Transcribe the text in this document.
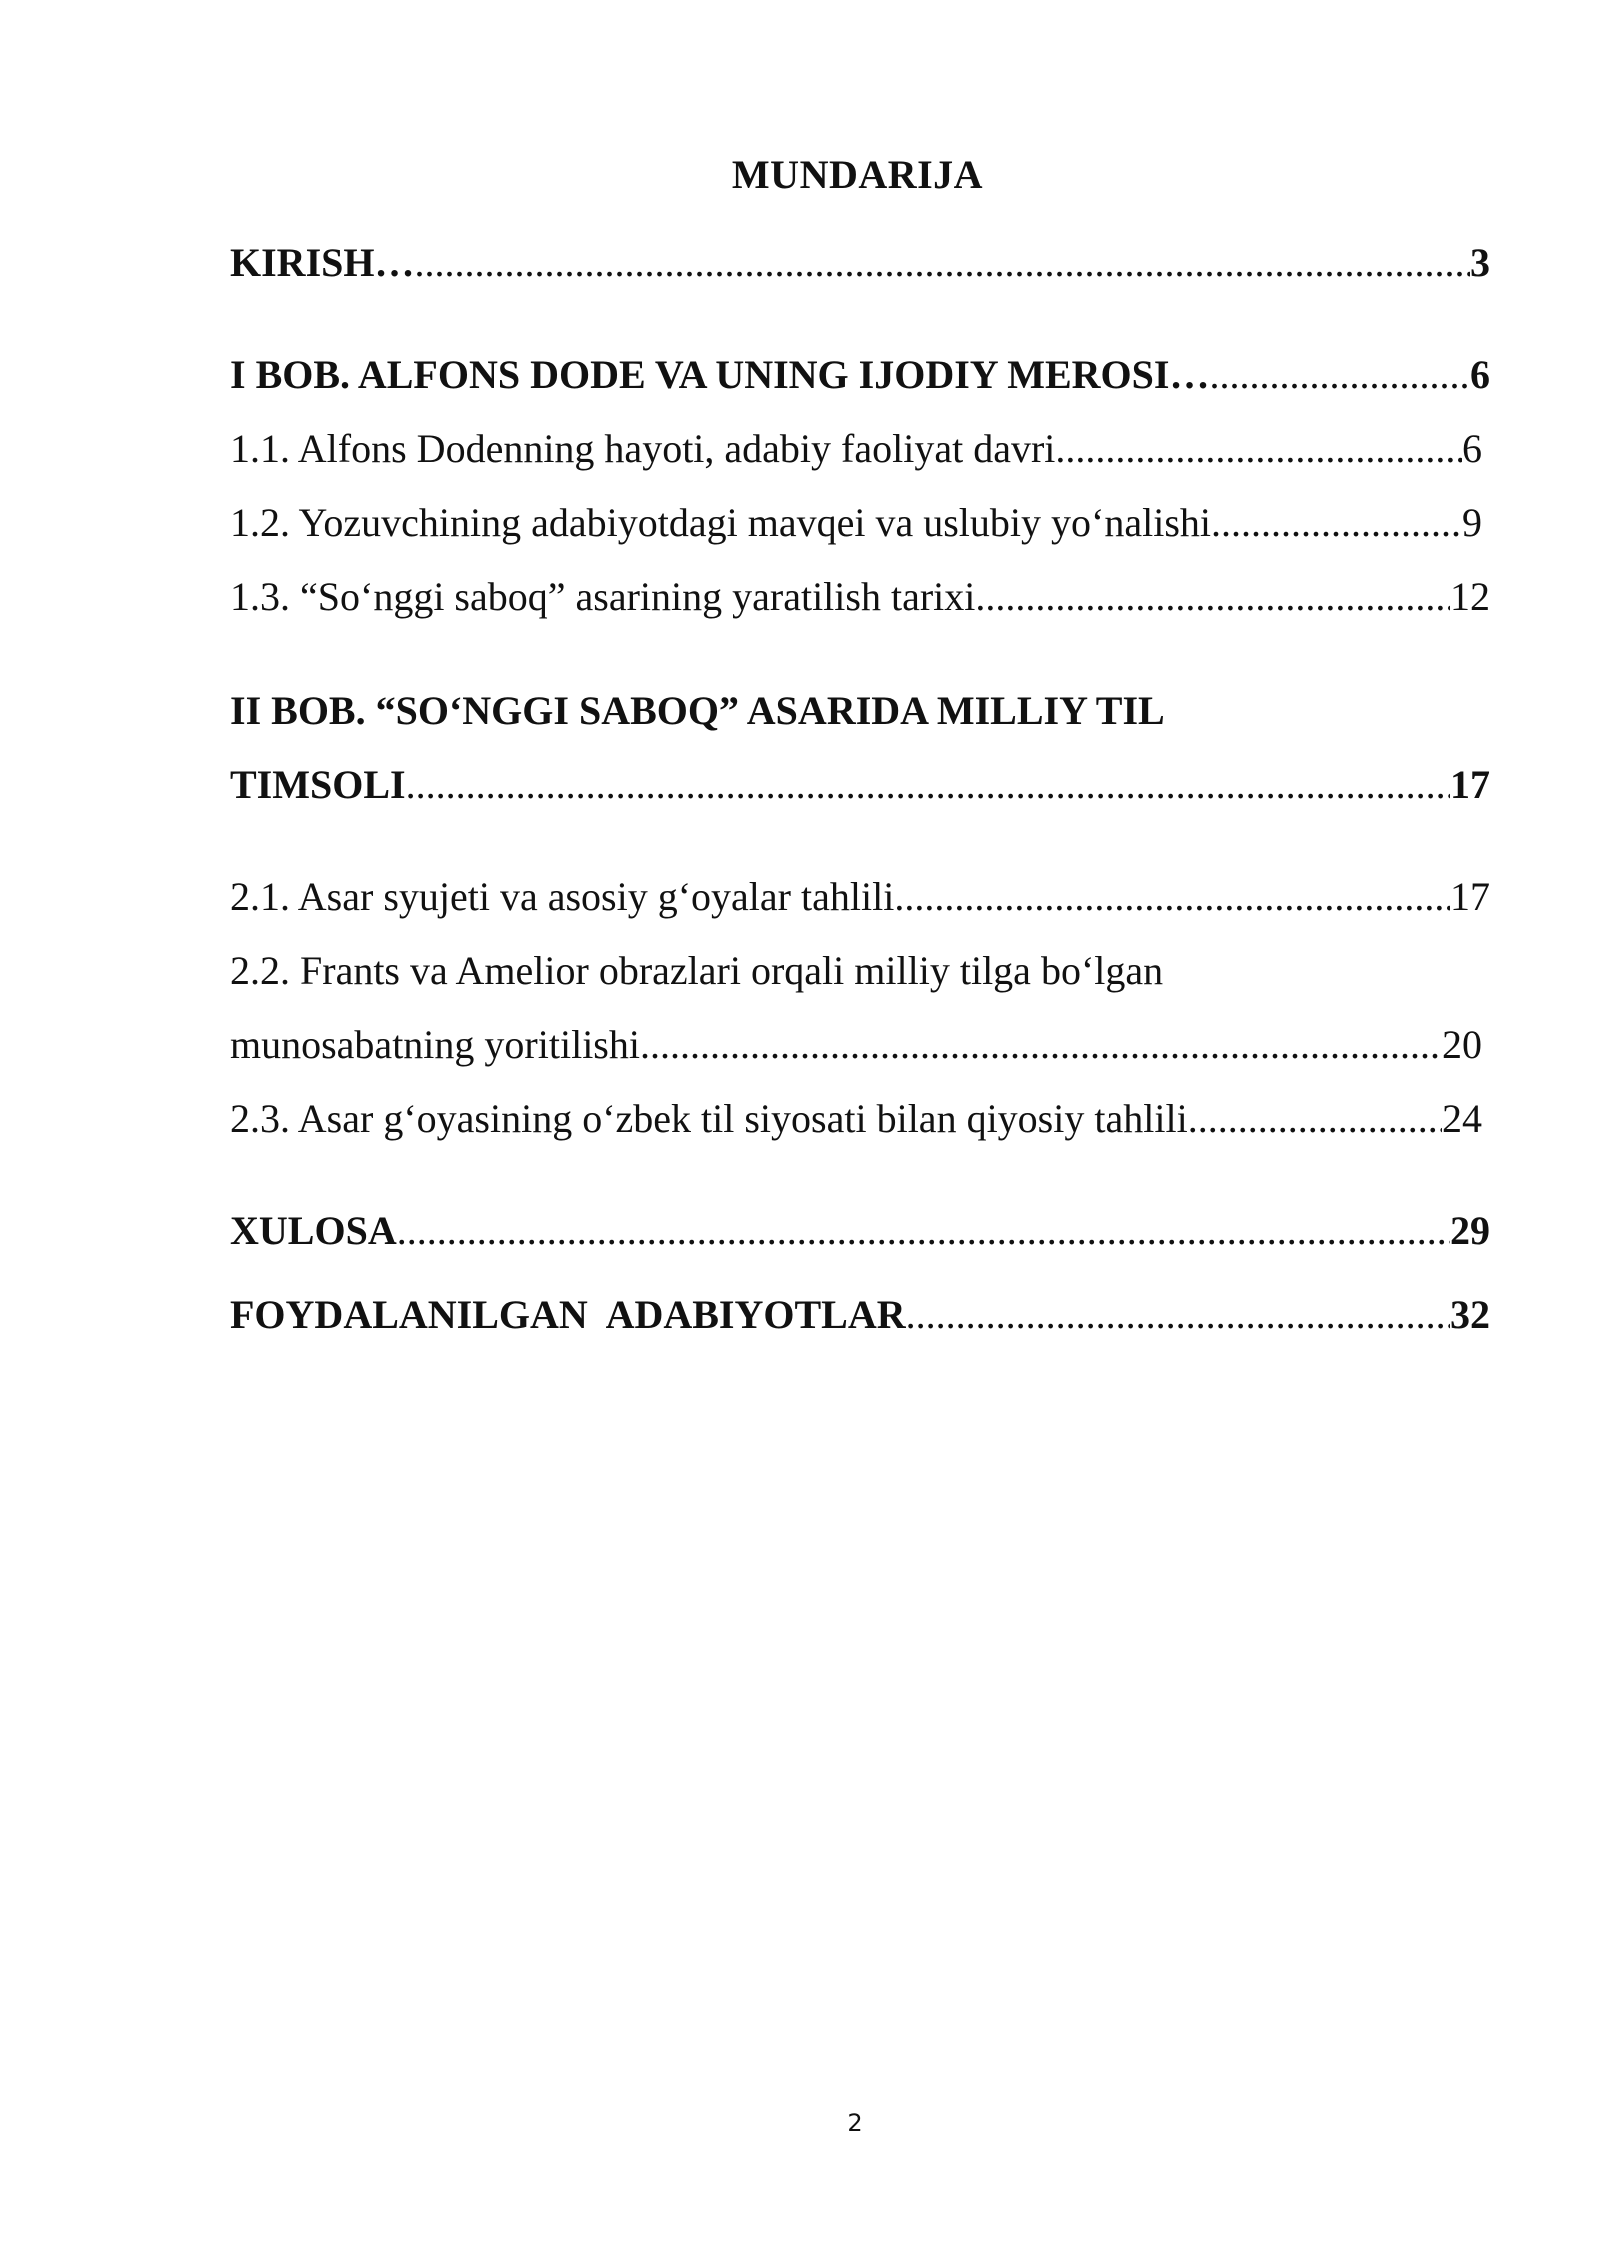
MUNDARIJA
KIRISH… .....	3
I BOB. ALFONS DODE VA UNING IJODIY MEROSI… .....	6
1.1. Alfons Dodenning hayoti, adabiy faoliyat davri .....	6
1.2. Yozuvchining adabiyotdagi mavqei va uslubiy yo‘nalishi .....	9
1.3. “So‘nggi saboq” asarining yaratilish tarixi .....	12
II BOB. “SO‘NGGI SABOQ” ASARIDA MILLIY TIL
TIMSOLI .....	17
2.1. Asar syujeti va asosiy g‘oyalar tahlili .....	17
2.2. Frants va Amelior obrazlari orqali milliy tilga bo‘lgan
munosabatning yoritilishi .....	20
2.3. Asar g‘oyasining o‘zbek til siyosati bilan qiyosiy tahlili .....	24
XULOSA .....	29
FOYDALANILGAN  ADABIYOTLAR .....	32
2
